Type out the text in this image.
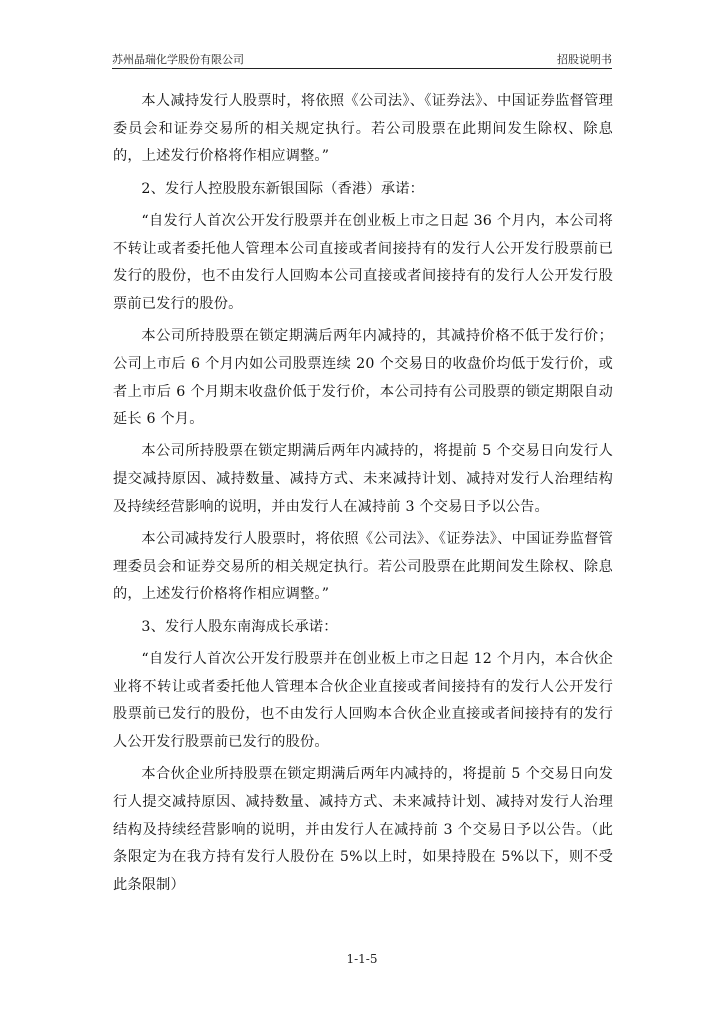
苏州晶瑞化学股份有限公司	招股说明书

本人减持发行人股票时，将依照《公司法》、《证券法》、中国证券监督管理委员会和证券交易所的相关规定执行。若公司股票在此期间发生除权、除息的，上述发行价格将作相应调整。”

2、发行人控股股东新银国际（香港）承诺：

“自发行人首次公开发行股票并在创业板上市之日起 36 个月内，本公司将不转让或者委托他人管理本公司直接或者间接持有的发行人公开发行股票前已发行的股份，也不由发行人回购本公司直接或者间接持有的发行人公开发行股票前已发行的股份。

本公司所持股票在锁定期满后两年内减持的，其减持价格不低于发行价；公司上市后 6 个月内如公司股票连续 20 个交易日的收盘价均低于发行价，或者上市后 6 个月期末收盘价低于发行价，本公司持有公司股票的锁定期限自动延长 6 个月。

本公司所持股票在锁定期满后两年内减持的，将提前 5 个交易日向发行人提交减持原因、减持数量、减持方式、未来减持计划、减持对发行人治理结构及持续经营影响的说明，并由发行人在减持前 3 个交易日予以公告。

本公司减持发行人股票时，将依照《公司法》、《证券法》、中国证券监督管理委员会和证券交易所的相关规定执行。若公司股票在此期间发生除权、除息的，上述发行价格将作相应调整。”

3、发行人股东南海成长承诺：

“自发行人首次公开发行股票并在创业板上市之日起 12 个月内，本合伙企业将不转让或者委托他人管理本合伙企业直接或者间接持有的发行人公开发行股票前已发行的股份，也不由发行人回购本合伙企业直接或者间接持有的发行人公开发行股票前已发行的股份。

本合伙企业所持股票在锁定期满后两年内减持的，将提前 5 个交易日向发行人提交减持原因、减持数量、减持方式、未来减持计划、减持对发行人治理结构及持续经营影响的说明，并由发行人在减持前 3 个交易日予以公告。（此条限定为在我方持有发行人股份在 5%以上时，如果持股在 5%以下，则不受此条限制）

1-1-5
